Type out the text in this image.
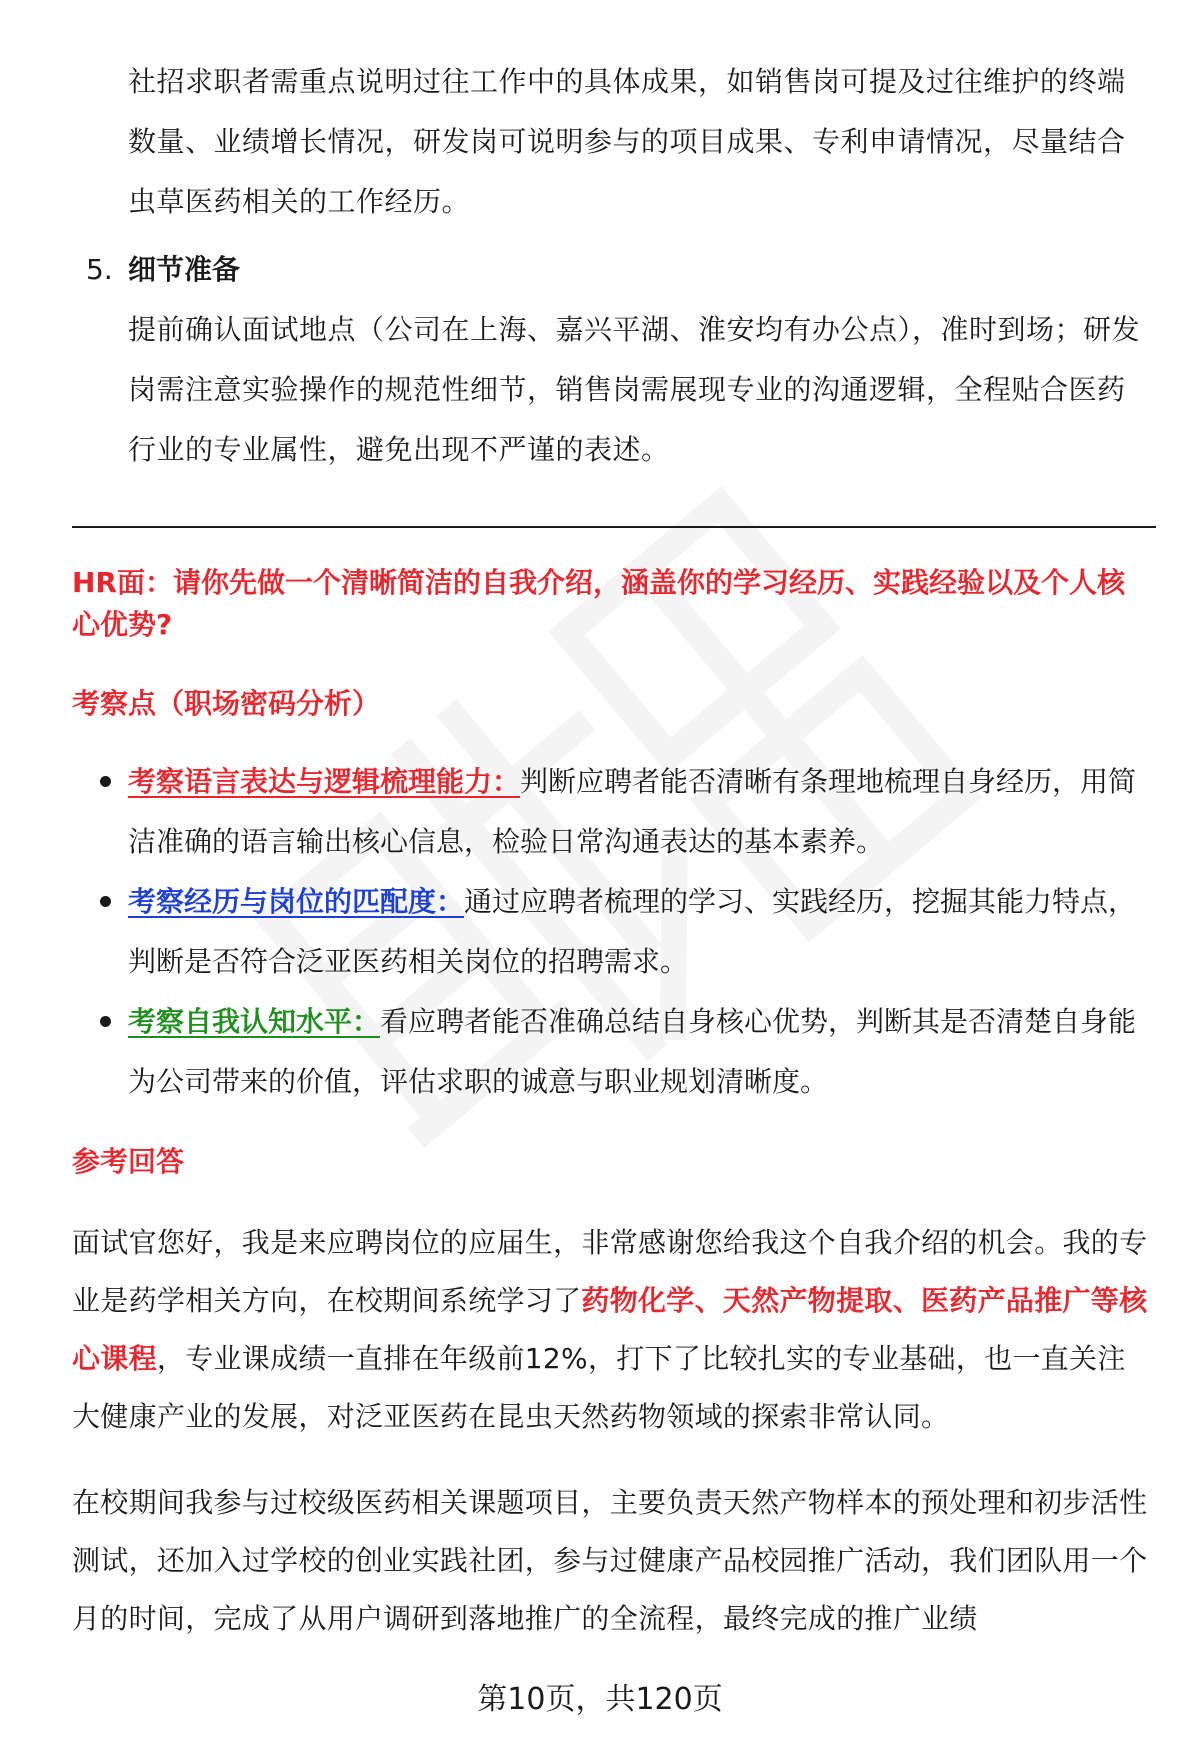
社招求职者需重点说明过往工作中的具体成果，如销售岗可提及过往维护的终端数量、业绩增长情况，研发岗可说明参与的项目成果、专利申请情况，尽量结合虫草医药相关的工作经历。

5. 细节准备

提前确认面试地点（公司在上海、嘉兴平湖、淮安均有办公点），准时到场；研发岗需注意实验操作的规范性细节，销售岗需展现专业的沟通逻辑，全程贴合医药行业的专业属性，避免出现不严谨的表述。

HR面：请你先做一个清晰简洁的自我介绍，涵盖你的学习经历、实践经验以及个人核心优势?

考察点（职场密码分析）

考察语言表达与逻辑梳理能力：判断应聘者能否清晰有条理地梳理自身经历，用简洁准确的语言输出核心信息，检验日常沟通表达的基本素养。
考察经历与岗位的匹配度：通过应聘者梳理的学习、实践经历，挖掘其能力特点，判断是否符合泛亚医药相关岗位的招聘需求。
考察自我认知水平：看应聘者能否准确总结自身核心优势，判断其是否清楚自身能为公司带来的价值，评估求职的诚意与职业规划清晰度。

参考回答

面试官您好，我是来应聘岗位的应届生，非常感谢您给我这个自我介绍的机会。我的专业是药学相关方向，在校期间系统学习了药物化学、天然产物提取、医药产品推广等核心课程，专业课成绩一直排在年级前12%，打下了比较扎实的专业基础，也一直关注大健康产业的发展，对泛亚医药在昆虫天然药物领域的探索非常认同。

在校期间我参与过校级医药相关课题项目，主要负责天然产物样本的预处理和初步活性测试，还加入过学校的创业实践社团，参与过健康产品校园推广活动，我们团队用一个月的时间，完成了从用户调研到落地推广的全流程，最终完成的推广业绩

第10页，共120页
